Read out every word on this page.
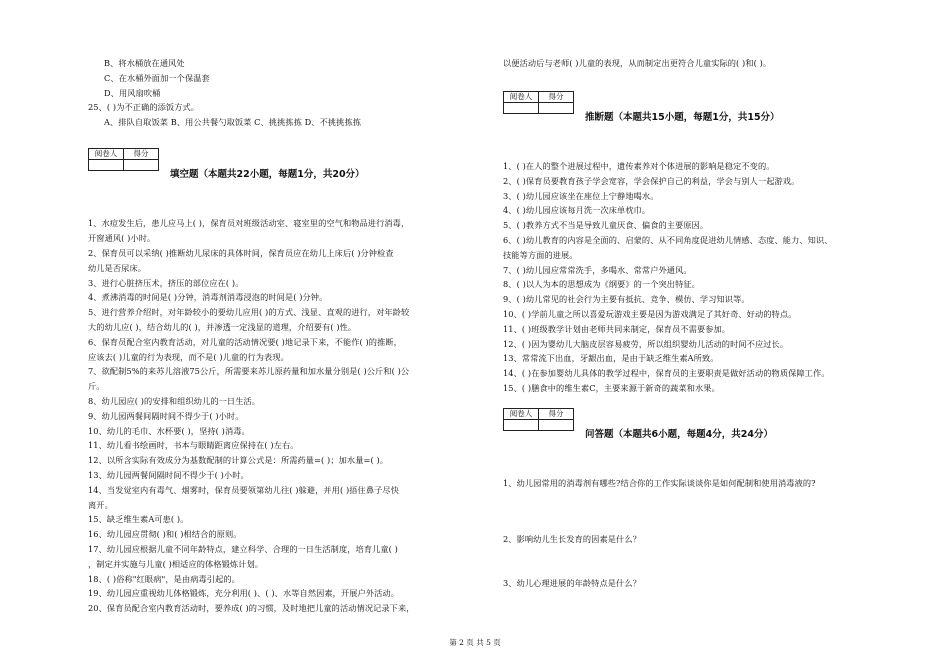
B、将水桶放在通风处
C、在水桶外面加一个保温套
D、用风扇吹桶
25、( )为不正确的添饭方式。
A、排队自取饭菜 B、用公共餐勺取饭菜 C、挑挑拣拣 D、不挑挑拣拣
阅卷人	得分

填空题（本题共22小题，每题1分，共20分）
1、水痘发生后，患儿应马上( )，保育员对班级活动室、寝室里的空气和物品进行消毒，
开窗通风( )小时。
2、保育员可以采纳( )推断幼儿尿床的具体时间，保育员应在幼儿上床后( )分钟检查
幼儿是否尿床。
3、进行心脏挤压术，挤压的部位应在( )。
4、煮沸消毒的时间是( )分钟，消毒剂消毒浸泡的时间是( )分钟。
5、进行营养介绍时，对年龄较小的要幼儿应用( )的方式、浅显、直观的进行，对年龄较
大的幼儿应( )，结合幼儿的( )，并渗透一定浅显的道理，介绍要有( )性。
6、保育员配合室内教育活动，对儿童的活动情况要( )地记录下来，不能作( )的推断，
应该去( )儿童的行为表现，而不是( )儿童的行为表现。
7、欲配制5%的来苏儿溶液75公斤，所需要来苏儿原药量和加水量分别是( )公斤和( )公
斤。
8、幼儿园应( )的安排和组织幼儿的一日生活。
9、幼儿园两餐间隔时间不得少于( )小时。
10、幼儿的毛巾、水杯要( )，坚持( )消毒。
11、幼儿看书绘画时，书本与眼睛距离应保持在( )左右。
12、以所含实际有效成分为基数配制的计算公式是：所需药量=( )；加水量=( )。
13、幼儿园两餐间隔时间不得少于( )小时。
14、当发觉室内有毒气、烟雾时，保育员要领第幼儿往( )躲避，并用( )捂住鼻子尽快
离开。
15、缺乏维生素A可患( )。
16、幼儿园应贯彻( )和( )相结合的原则。
17、幼儿园应根据儿童不同年龄特点，建立科学、合理的一日生活制度，培育儿童( )
，制定并实施与儿童( )相适应的体格锻炼计划。
18、( )俗称"红眼病"，是由病毒引起的。
19、幼儿园应重视幼儿体格锻炼，充分利用( )、( )、水等自然因素，开展户外活动。
20、保育员配合室内教育活动时，要养成( )的习惯，及时地把儿童的活动情况记录下来，
以便活动后与老师( )儿童的表现，从而制定出更符合儿童实际的( )和( )。
阅卷人	得分

推断题（本题共15小题，每题1分，共15分）
1、( )在人的整个进展过程中，遗传素养对个体进展的影响是稳定不变的。
2、( )保育员要教育孩子学会宽容，学会保护自己的利益，学会与别人一起游戏。
3、( )幼儿园应该坐在座位上宁静地喝水。
4、( )幼儿园应该每月洗一次床单枕巾。
5、( )教养方式不当是导致儿童厌食、偏食的主要原因。
6、( )幼儿教育的内容是全面的、启蒙的、从不同角度促进幼儿情感、态度、能力、知识、
技能等方面的进展。
7、( )幼儿园应常常洗手，多喝水、常常户外通风。
8、( )以人为本的思想成为《纲要》的一个突出特征。
9、( )幼儿常见的社会行为主要有抵抗、竞争、模仿、学习知识等。
10、( )学前儿童之所以喜爱玩游戏主要是因为游戏满足了其好奇、好动的特点。
11、( )班级教学计划由老师共同来制定，保育员不需要参加。
12、( )因为婴幼儿大脑皮层容易疲劳，所以组织婴幼儿活动的时间不应过长。
13、常常流下出血，牙龈出血，是由于缺乏维生素A所致。
14、( )在参加婴幼儿具体的教学过程中，保育员的主要职责是做好活动的物质保障工作。
15、( )膳食中的维生素C，主要来源于新奇的蔬菜和水果。
阅卷人	得分

问答题（本题共6小题，每题4分，共24分）
1、幼儿园常用的消毒剂有哪些?结合你的工作实际谈谈你是如何配制和使用消毒液的?
2、影响幼儿生长发育的因素是什么？
3、幼儿心理进展的年龄特点是什么？
第 2 页 共 5 页
